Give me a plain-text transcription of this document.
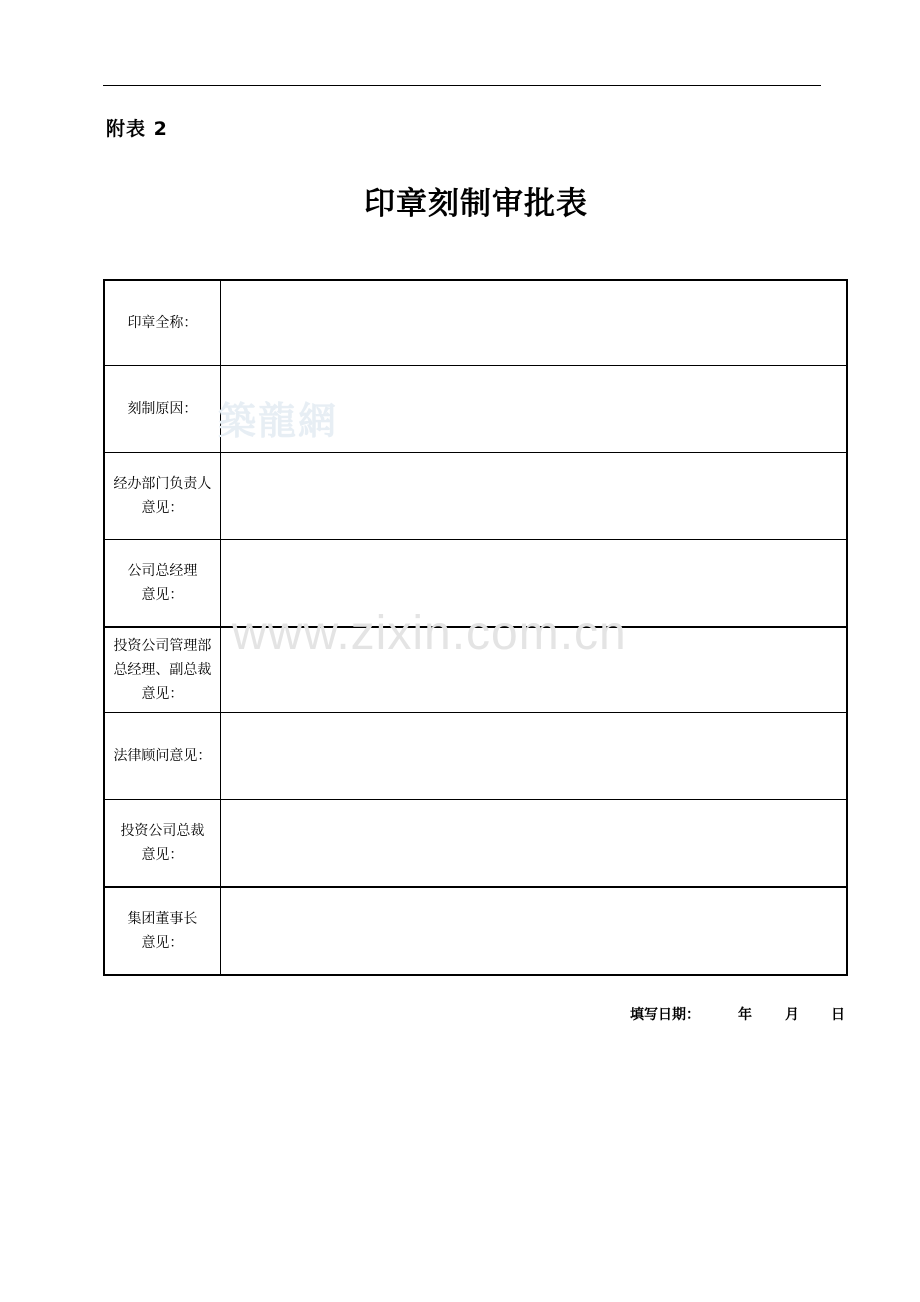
附表 2
印章刻制审批表
印章全称：	

刻制原因：	

经办部门负责人
意见：	

公司总经理
意见：	

投资公司管理部
总经理、副总裁
意见：	

法律顾问意见：	

投资公司总裁
意见：	

集团董事长
意见：	

築龍網
www.zixin.com.cn
填写日期：	年 月 日
